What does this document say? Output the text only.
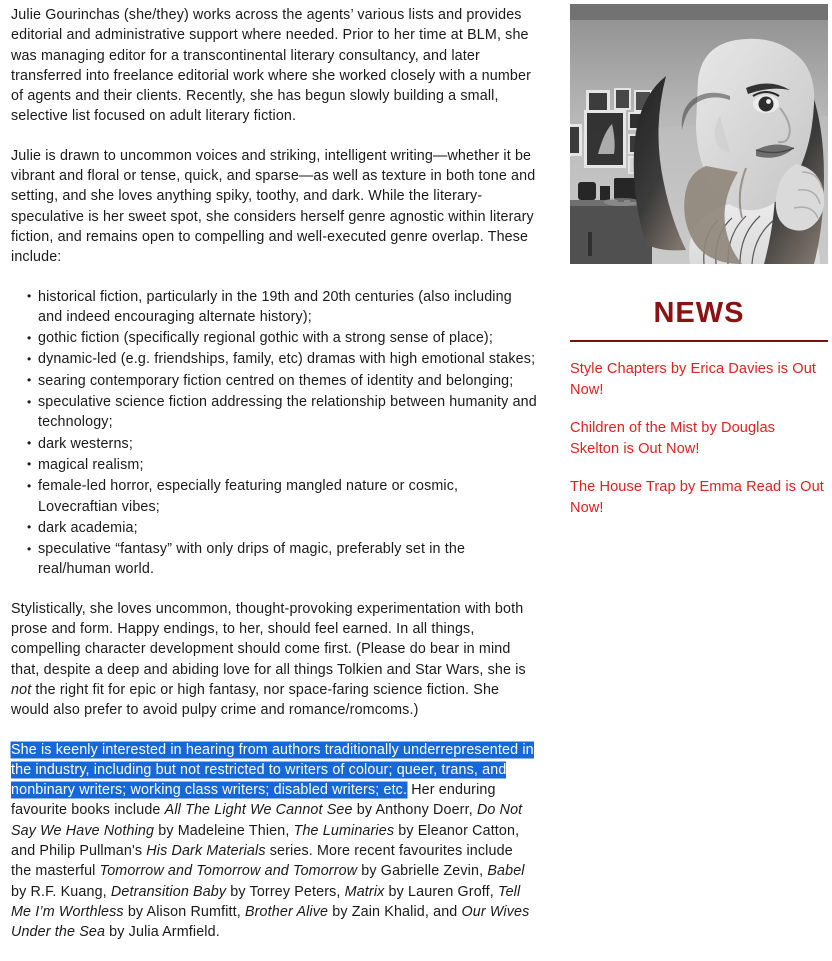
Julie Gourinchas (she/they) works across the agents’ various lists and provides editorial and administrative support where needed. Prior to her time at BLM, she was managing editor for a transcontinental literary consultancy, and later transferred into freelance editorial work where she worked closely with a number of agents and their clients. Recently, she has begun slowly building a small, selective list focused on adult literary fiction.

Julie is drawn to uncommon voices and striking, intelligent writing—whether it be vibrant and floral or tense, quick, and sparse—as well as texture in both tone and setting, and she loves anything spiky, toothy, and dark. While the literary-speculative is her sweet spot, she considers herself genre agnostic within literary fiction, and remains open to compelling and well-executed genre overlap. These include:

• historical fiction, particularly in the 19th and 20th centuries (also including and indeed encouraging alternate history);
• gothic fiction (specifically regional gothic with a strong sense of place);
• dynamic-led (e.g. friendships, family, etc) dramas with high emotional stakes;
• searing contemporary fiction centred on themes of identity and belonging;
• speculative science fiction addressing the relationship between humanity and technology;
• dark westerns;
• magical realism;
• female-led horror, especially featuring mangled nature or cosmic, Lovecraftian vibes;
• dark academia;
• speculative “fantasy” with only drips of magic, preferably set in the real/human world.

Stylistically, she loves uncommon, thought-provoking experimentation with both prose and form. Happy endings, to her, should feel earned. In all things, compelling character development should come first. (Please do bear in mind that, despite a deep and abiding love for all things Tolkien and Star Wars, she is not the right fit for epic or high fantasy, nor space-faring science fiction. She would also prefer to avoid pulpy crime and romance/romcoms.)

She is keenly interested in hearing from authors traditionally underrepresented in the industry, including but not restricted to writers of colour; queer, trans, and nonbinary writers; working class writers; disabled writers; etc. Her enduring favourite books include All The Light We Cannot See by Anthony Doerr, Do Not Say We Have Nothing by Madeleine Thien, The Luminaries by Eleanor Catton, and Philip Pullman's His Dark Materials series. More recent favourites include the masterful Tomorrow and Tomorrow and Tomorrow by Gabrielle Zevin, Babel by R.F. Kuang, Detransition Baby by Torrey Peters, Matrix by Lauren Groff, Tell Me I’m Worthless by Alison Rumfitt, Brother Alive by Zain Khalid, and Our Wives Under the Sea by Julia Armfield.

NEWS
Style Chapters by Erica Davies is Out Now!
Children of the Mist by Douglas Skelton is Out Now!
The House Trap by Emma Read is Out Now!
